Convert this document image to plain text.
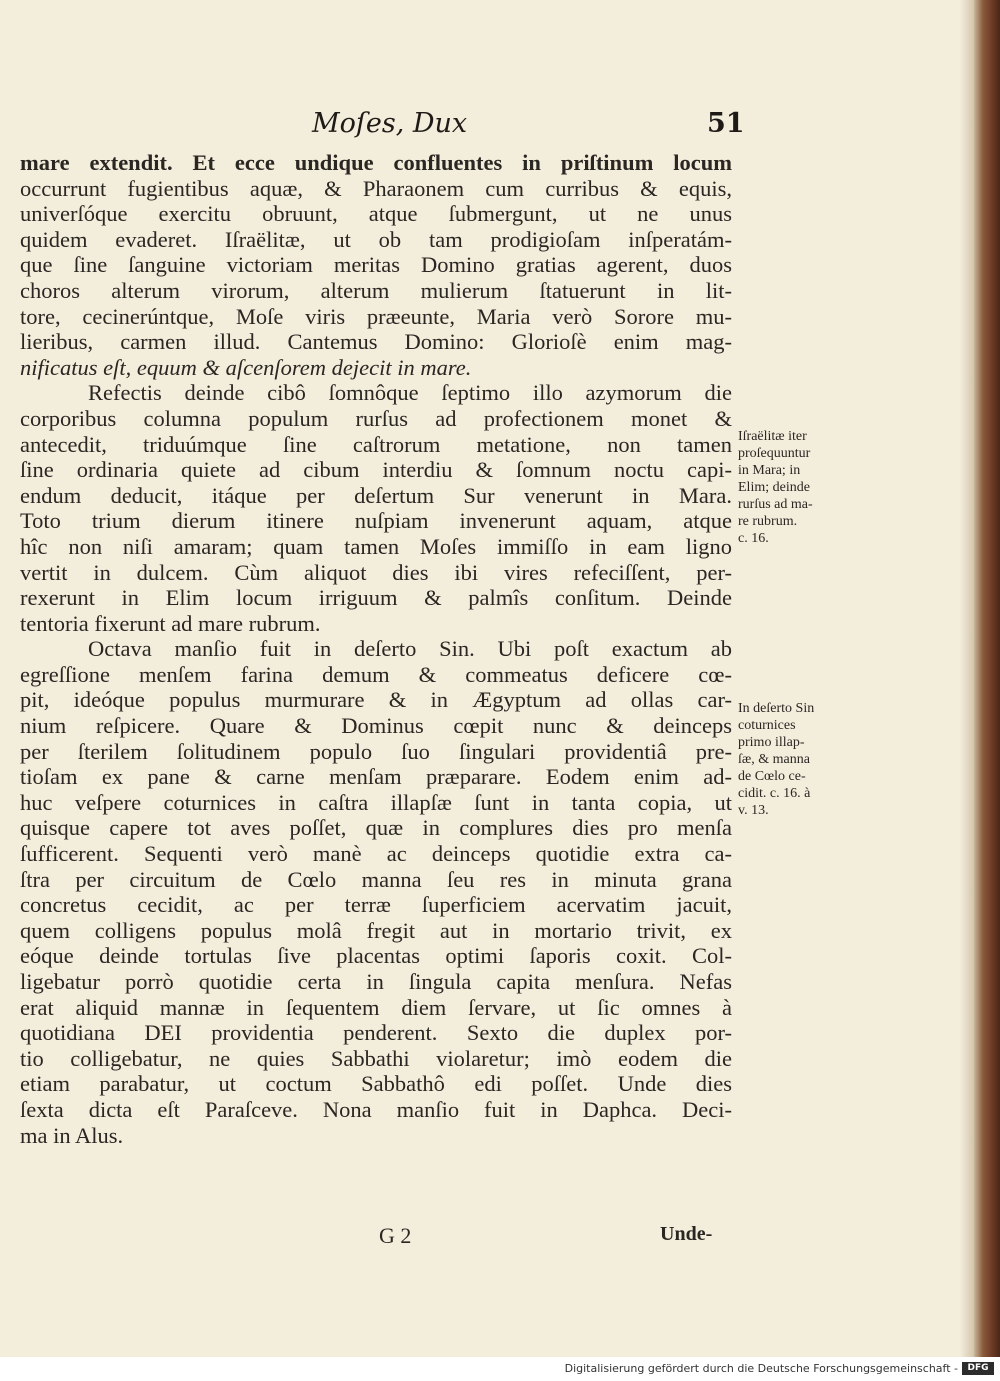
Moſes, Dux	51
mare extendit. Et ecce undique confluentes in priſtinum locum
occurrunt fugientibus aquæ, & Pharaonem cum curribus & equis,
univerſóque exercitu obruunt, atque ſubmergunt, ut ne unus
quidem evaderet. Iſraëlitæ, ut ob tam prodigioſam inſperatám-
que ſine ſanguine victoriam meritas Domino gratias agerent, duos
choros alterum virorum, alterum mulierum ſtatuerunt in lit-
tore, cecinerúntque, Moſe viris præeunte, Maria verò Sorore mu-
lieribus, carmen illud. Cantemus Domino: Glorioſè enim mag-
nificatus eſt, equum & aſcenſorem dejecit in mare.
Refectis deinde cibô ſomnôque ſeptimo illo azymorum die
corporibus columna populum rurſus ad profectionem monet &
antecedit, triduúmque ſine caſtrorum metatione, non tamen
ſine ordinaria quiete ad cibum interdiu & ſomnum noctu capi-
endum deducit, itáque per deſertum Sur venerunt in Mara.
Toto trium dierum itinere nuſpiam invenerunt aquam, atque
hîc non niſi amaram; quam tamen Moſes immiſſo in eam ligno
vertit in dulcem. Cùm aliquot dies ibi vires refeciſſent, per-
rexerunt in Elim locum irriguum & palmîs conſitum. Deinde
tentoria fixerunt ad mare rubrum.
Octava manſio fuit in deſerto Sin. Ubi poſt exactum ab
egreſſione menſem farina demum & commeatus deficere cœ-
pit, ideóque populus murmurare & in Ægyptum ad ollas car-
nium reſpicere. Quare & Dominus cœpit nunc & deinceps
per ſterilem ſolitudinem populo ſuo ſingulari providentiâ pre-
tioſam ex pane & carne menſam præparare. Eodem enim ad-
huc veſpere coturnices in caſtra illapſæ ſunt in tanta copia, ut
quisque capere tot aves poſſet, quæ in complures dies pro menſa
ſufficerent. Sequenti verò manè ac deinceps quotidie extra ca-
ſtra per circuitum de Cœlo manna ſeu res in minuta grana
concretus cecidit, ac per terræ ſuperficiem acervatim jacuit,
quem colligens populus molâ fregit aut in mortario trivit, ex
eóque deinde tortulas ſive placentas optimi ſaporis coxit. Col-
ligebatur porrò quotidie certa in ſingula capita menſura. Nefas
erat aliquid mannæ in ſequentem diem ſervare, ut ſic omnes à
quotidiana DEI providentia penderent. Sexto die duplex por-
tio colligebatur, ne quies Sabbathi violaretur; imò eodem die
etiam parabatur, ut coctum Sabbathô edi poſſet. Unde dies
ſexta dicta eſt Paraſceve. Nona manſio fuit in Daphca. Deci-
ma in Alus.
Iſraëlitæ iter
proſequuntur
in Mara; in
Elim; deinde
rurſus ad ma-
re rubrum.
c. 16.
In deſerto Sin
coturnices
primo illap-
ſæ, & manna
de Cœlo ce-
cidit. c. 16. à
v. 13.
G 2	Unde-
Digitalisierung gefördert durch die Deutsche Forschungsgemeinschaft -	DFG
